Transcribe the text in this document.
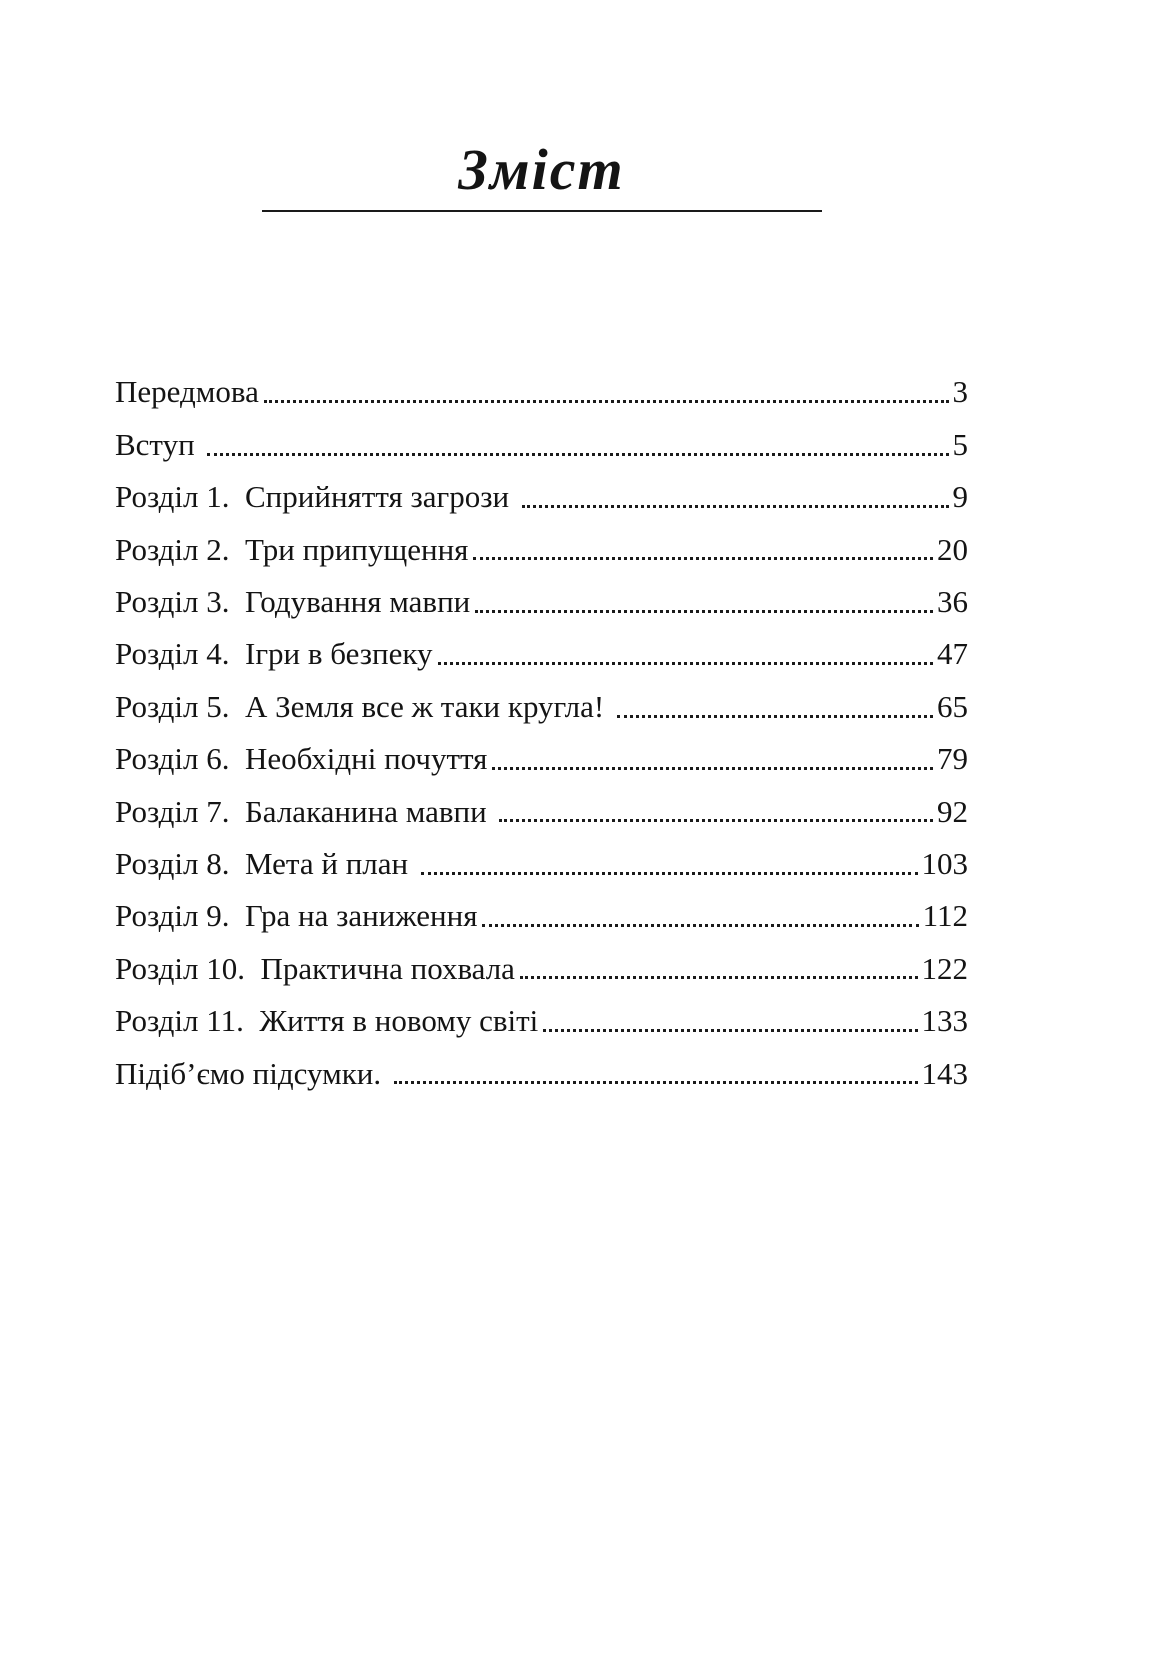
Зміст
Передмова	3
Вступ	5
Розділ 1.  Сприйняття загрози	9
Розділ 2.  Три припущення	20
Розділ 3.  Годування мавпи	36
Розділ 4.  Ігри в безпеку	47
Розділ 5.  А Земля все ж таки кругла!	65
Розділ 6.  Необхідні почуття	79
Розділ 7.  Балаканина мавпи	92
Розділ 8.  Мета й план	103
Розділ 9.  Гра на заниження	112
Розділ 10.  Практична похвала	122
Розділ 11.  Життя в новому світі	133
Підіб’ємо підсумки.	143
